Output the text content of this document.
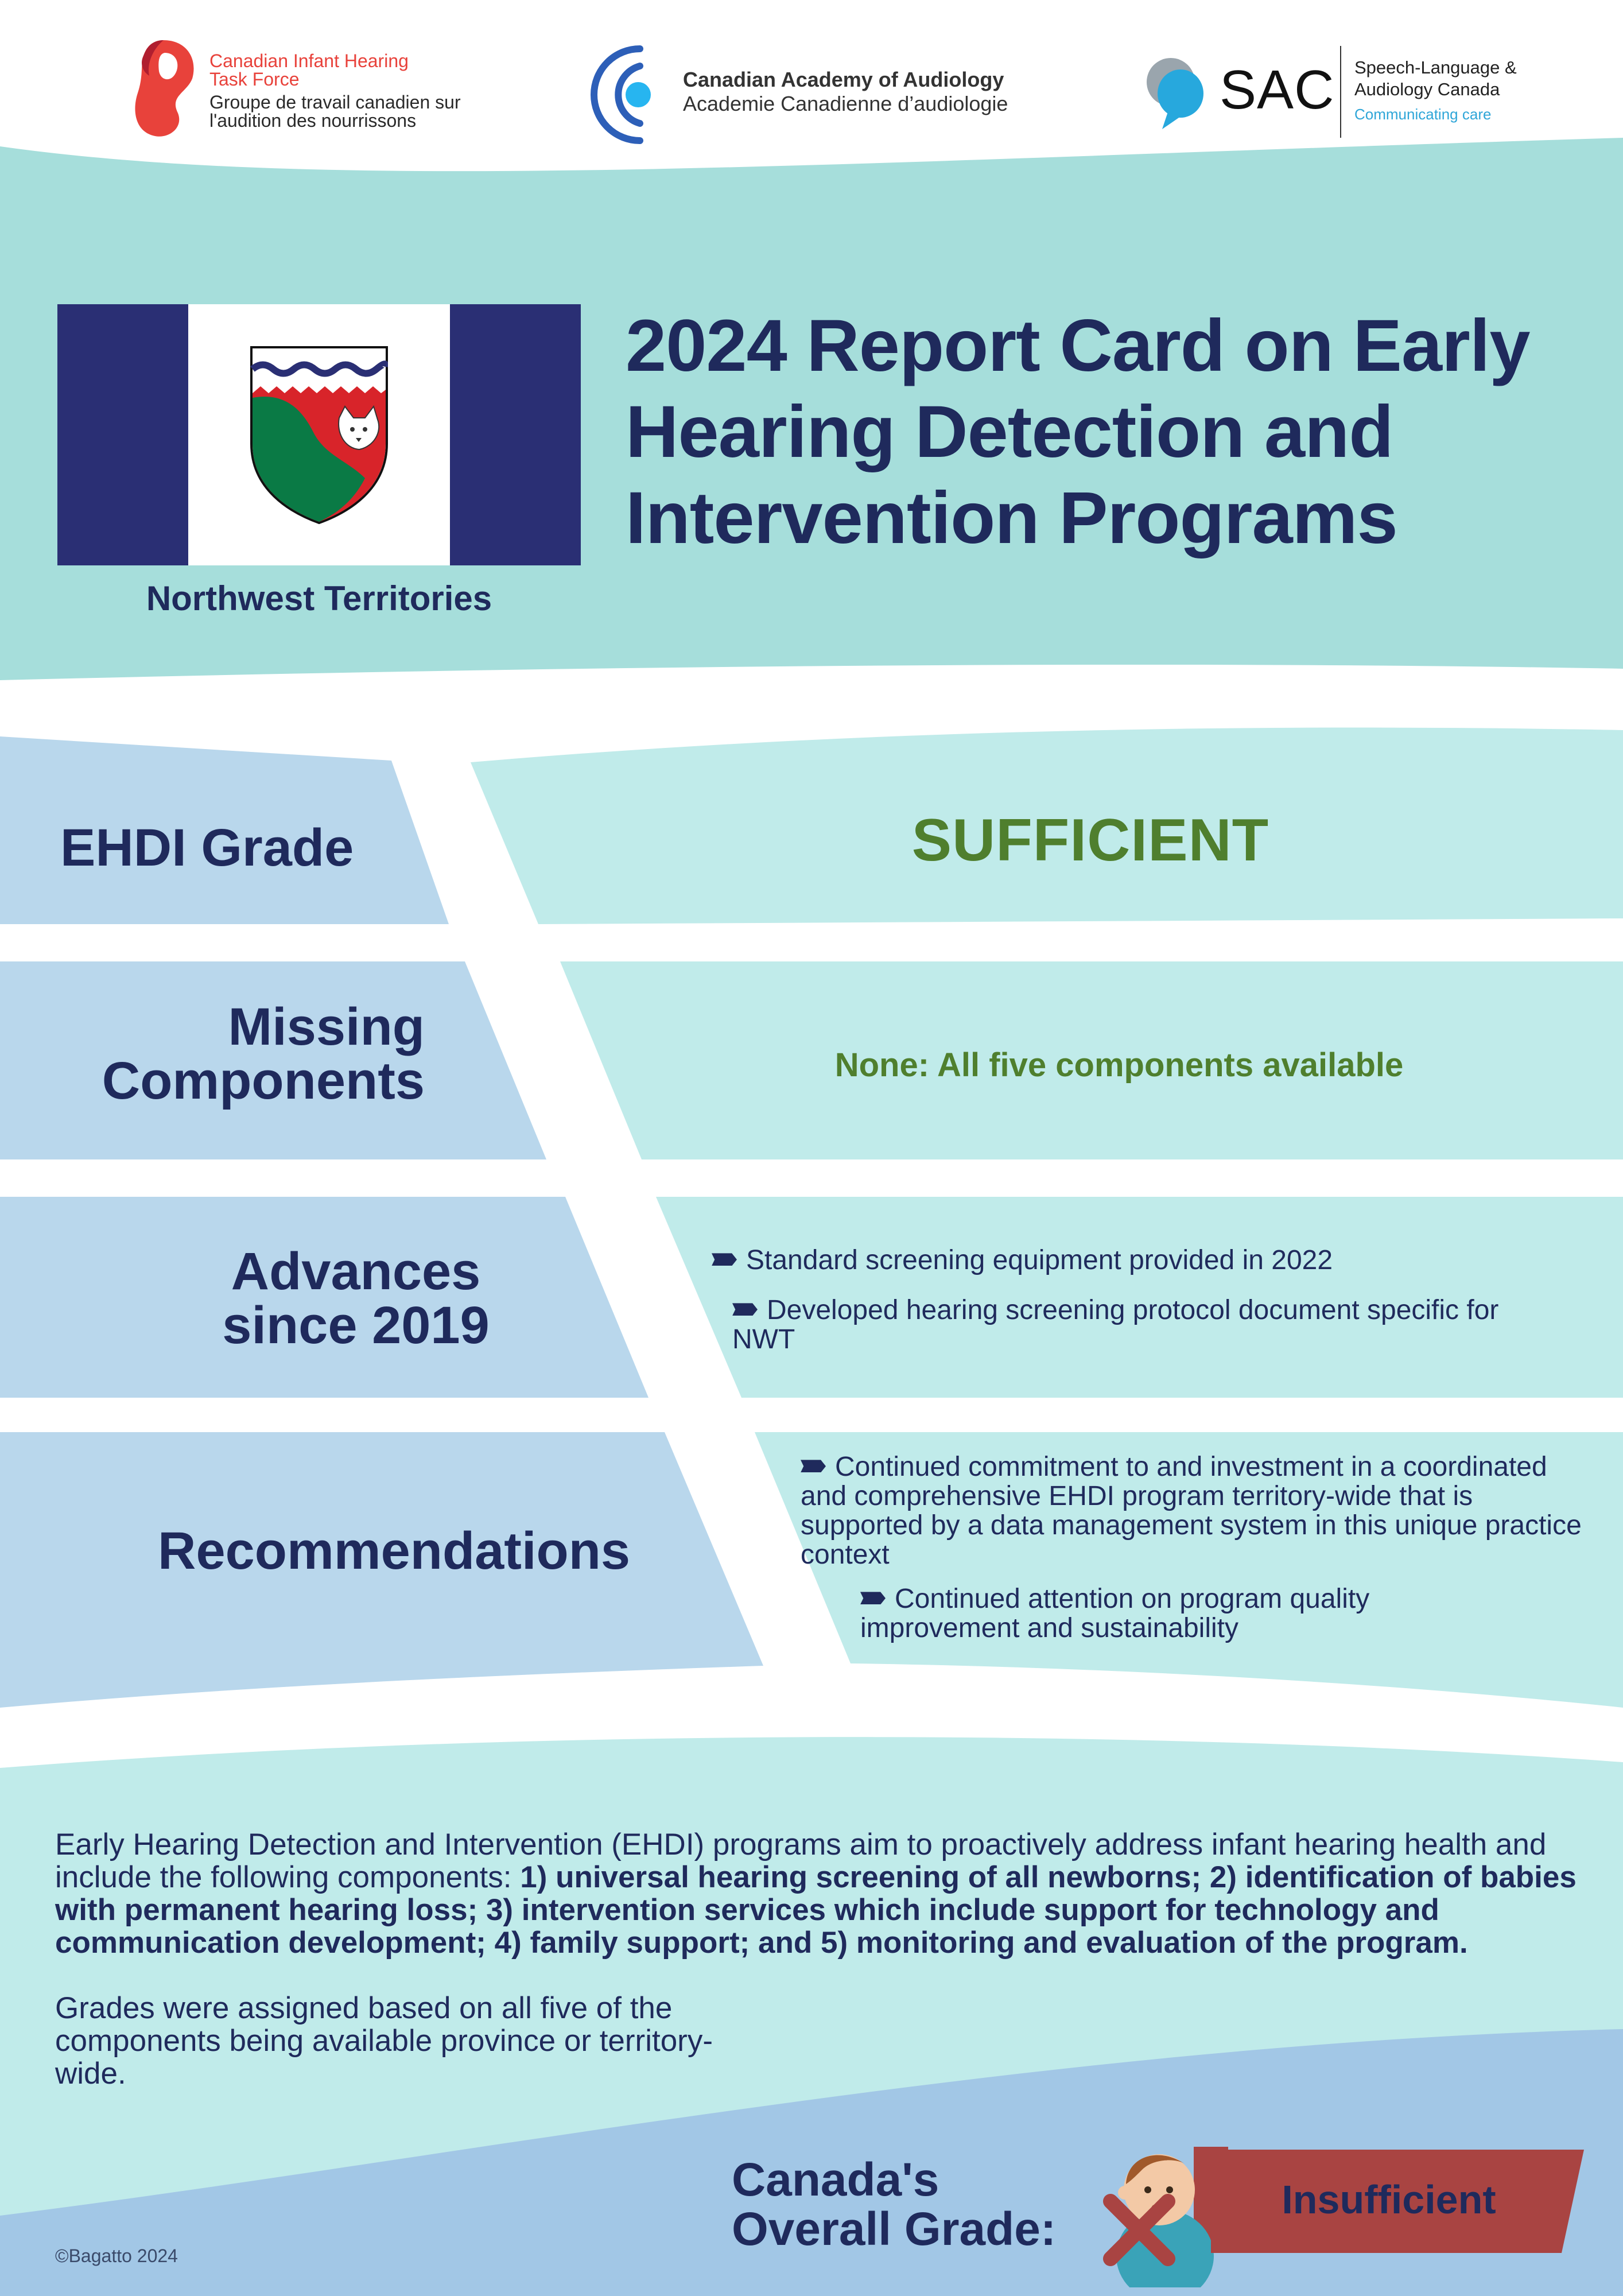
Canadian Infant Hearing Task Force
Groupe de travail canadien sur l'audition des nourrissons
Canadian Academy of Audiology
Academie Canadienne d’audiologie	SAC Speech-Language &
Audiology Canada
Communicating care
Northwest Territories
2024 Report Card on Early Hearing Detection and Intervention Programs
EHDI Grade	SUFFICIENT
Missing Components	None: All five components available
Advances since 2019
Standard screening equipment provided in 2022
Developed hearing screening protocol document specific for NWT
Recommendations
Continued commitment to and investment in a coordinated and comprehensive EHDI program territory-wide that is supported by a data management system in this unique practice context
Continued attention on program quality improvement and sustainability
Early Hearing Detection and Intervention (EHDI) programs aim to proactively address infant hearing health and include the following components: 1) universal hearing screening of all newborns; 2) identification of babies with permanent hearing loss; 3) intervention services which include support for technology and communication development; 4) family support; and 5) monitoring and evaluation of the program.
Grades were assigned based on all five of the components being available province or territory-wide.
Canada's Overall Grade:
Insufficient
©Bagatto 2024
